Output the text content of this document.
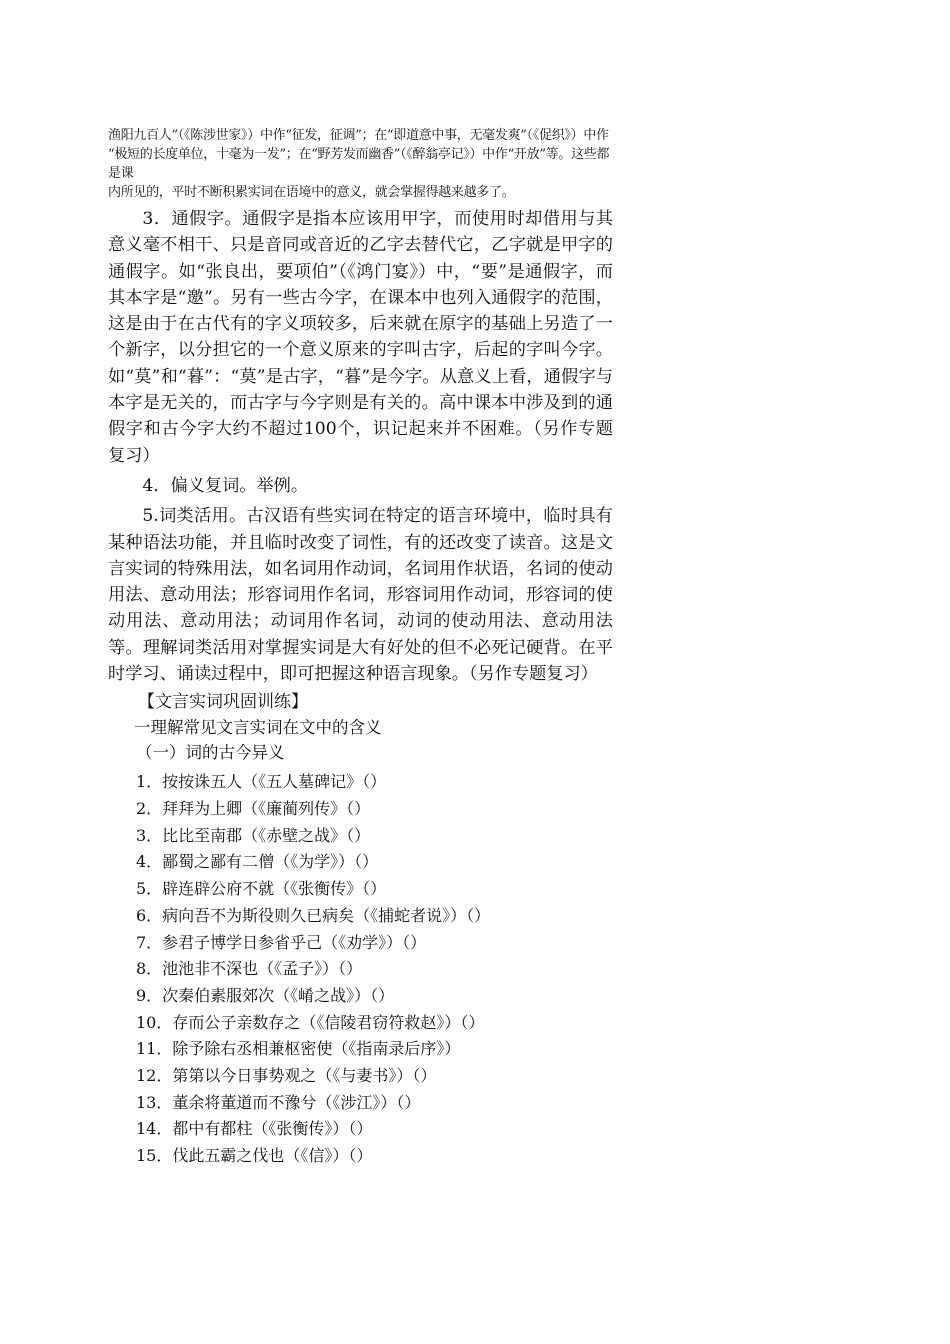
渔阳九百人”（《陈涉世家》）中作“征发，征调”；在“即道意中事，无毫发爽”（《促织》）中作

“极短的长度单位，十毫为一发”；在“野芳发而幽香”（《醉翁亭记》）中作“开放”等。这些都是课

内所见的，平时不断积累实词在语境中的意义，就会掌握得越来越多了。

3．通假字。通假字是指本应该用甲字，而使用时却借用与其意义毫不相干、只是音同或音近的乙字去替代它，乙字就是甲字的通假字。如“张良出，要项伯”（《鸿门宴》）中，“要”是通假字，而其本字是“邀”。另有一些古今字，在课本中也列入通假字的范围，这是由于在古代有的字义项较多，后来就在原字的基础上另造了一个新字，以分担它的一个意义原来的字叫古字，后起的字叫今字。如“莫”和“暮”：“莫”是古字，“暮”是今字。从意义上看，通假字与本字是无关的，而古字与今字则是有关的。高中课本中涉及到的通假字和古今字大约不超过100个，识记起来并不困难。（另作专题复习）

4．偏义复词。举例。

5.词类活用。古汉语有些实词在特定的语言环境中，临时具有某种语法功能，并且临时改变了词性，有的还改变了读音。这是文言实词的特殊用法，如名词用作动词，名词用作状语，名词的使动用法、意动用法；形容词用作名词，形容词用作动词，形容词的使动用法、意动用法；动词用作名词，动词的使动用法、意动用法等。理解词类活用对掌握实词是大有好处的但不必死记硬背。在平时学习、诵读过程中，即可把握这种语言现象。（另作专题复习）

【文言实词巩固训练】

一理解常见文言实词在文中的含义

（一）词的古今异义

1．按按诛五人（《五人墓碑记》（）
2．拜拜为上卿（《廉蔺列传》（）
3．比比至南郡（《赤壁之战》（）
4．鄙蜀之鄙有二僧（《为学》）（）
5．辟连辟公府不就（《张衡传》（）
6．病向吾不为斯役则久已病矣（《捕蛇者说》）（）
7．参君子博学日参省乎己（《劝学》）（）
8．池池非不深也（《孟子》）（）
9．次秦伯素服郊次（《崤之战》）（）
10．存而公子亲数存之（《信陵君窃符救赵》）（）
11．除予除右丞相兼枢密使（《指南录后序》）
12．第第以今日事势观之（《与妻书》）（）
13．董余将董道而不豫兮（《涉江》）（）
14．都中有都柱（《张衡传》）（）
15．伐此五霸之伐也（《信》）（）
